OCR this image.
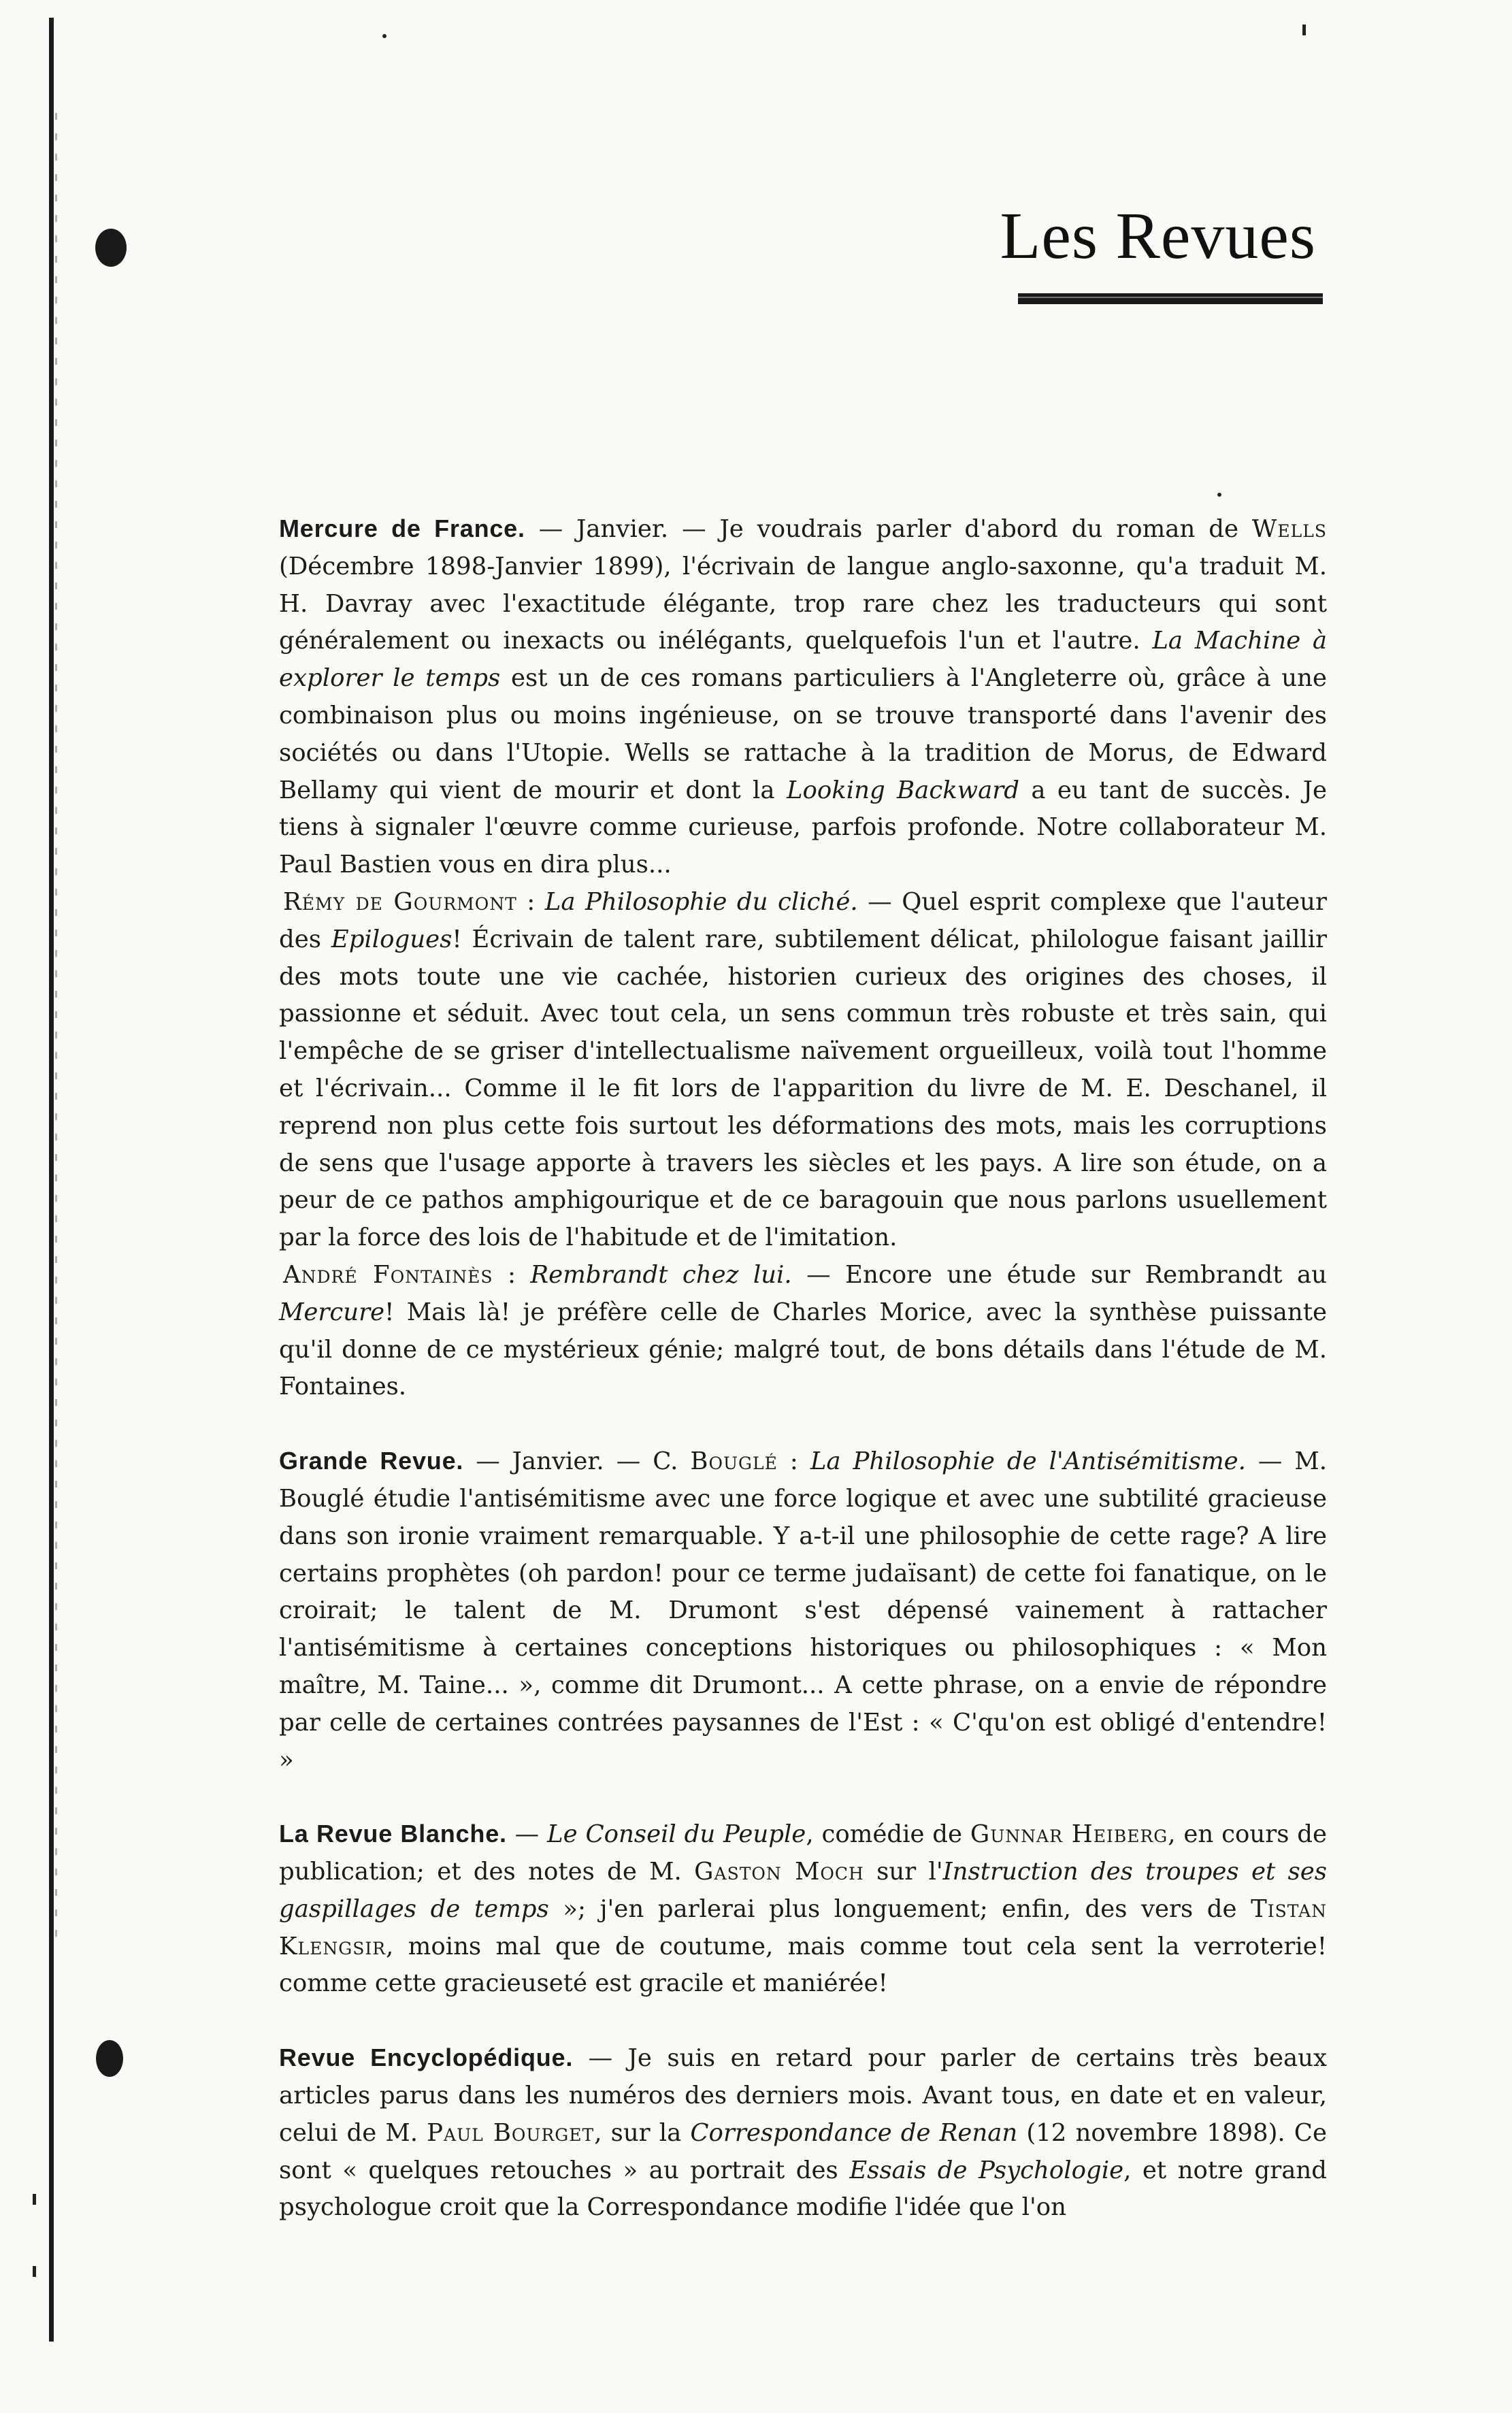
Les Revues

Mercure de France. — Janvier. — Je voudrais parler d'abord du roman de Wells (Décembre 1898-Janvier 1899), l'écrivain de langue anglo-saxonne, qu'a traduit M. H. Davray avec l'exactitude élégante, trop rare chez les traducteurs qui sont généralement ou inexacts ou inélégants, quelquefois l'un et l'autre. La Machine à explorer le temps est un de ces romans particuliers à l'Angleterre où, grâce à une combinaison plus ou moins ingénieuse, on se trouve transporté dans l'avenir des sociétés ou dans l'Utopie. Wells se rattache à la tradition de Morus, de Edward Bellamy qui vient de mourir et dont la Looking Backward a eu tant de succès. Je tiens à signaler l'œuvre comme curieuse, parfois profonde. Notre collaborateur M. Paul Bastien vous en dira plus...

Rémy de Gourmont : La Philosophie du cliché. — Quel esprit complexe que l'auteur des Epilogues! Écrivain de talent rare, subtilement délicat, philologue faisant jaillir des mots toute une vie cachée, historien curieux des origines des choses, il passionne et séduit. Avec tout cela, un sens commun très robuste et très sain, qui l'empêche de se griser d'intellectualisme naïvement orgueilleux, voilà tout l'homme et l'écrivain... Comme il le fit lors de l'apparition du livre de M. E. Deschanel, il reprend non plus cette fois surtout les déformations des mots, mais les corruptions de sens que l'usage apporte à travers les siècles et les pays. A lire son étude, on a peur de ce pathos amphigourique et de ce baragouin que nous parlons usuellement par la force des lois de l'habitude et de l'imitation.

André Fontainès : Rembrandt chez lui. — Encore une étude sur Rembrandt au Mercure! Mais là! je préfère celle de Charles Morice, avec la synthèse puissante qu'il donne de ce mystérieux génie; malgré tout, de bons détails dans l'étude de M. Fontaines.

Grande Revue. — Janvier. — C. Bouglé : La Philosophie de l'Antisémitisme. — M. Bouglé étudie l'antisémitisme avec une force logique et avec une subtilité gracieuse dans son ironie vraiment remarquable. Y a-t-il une philosophie de cette rage? A lire certains prophètes (oh pardon! pour ce terme judaïsant) de cette foi fanatique, on le croirait; le talent de M. Drumont s'est dépensé vainement à rattacher l'antisémitisme à certaines conceptions historiques ou philosophiques : « Mon maître, M. Taine... », comme dit Drumont... A cette phrase, on a envie de répondre par celle de certaines contrées paysannes de l'Est : « C'qu'on est obligé d'entendre! »

La Revue Blanche. — Le Conseil du Peuple, comédie de Gunnar Heiberg, en cours de publication; et des notes de M. Gaston Moch sur l'Instruction des troupes et ses gaspillages de temps »; j'en parlerai plus longuement; enfin, des vers de Tistan Klengsir, moins mal que de coutume, mais comme tout cela sent la verroterie! comme cette gracieuseté est gracile et maniérée!

Revue Encyclopédique. — Je suis en retard pour parler de certains très beaux articles parus dans les numéros des derniers mois. Avant tous, en date et en valeur, celui de M. Paul Bourget, sur la Correspondance de Renan (12 novembre 1898). Ce sont « quelques retouches » au portrait des Essais de Psychologie, et notre grand psychologue croit que la Correspondance modifie l'idée que l'on
